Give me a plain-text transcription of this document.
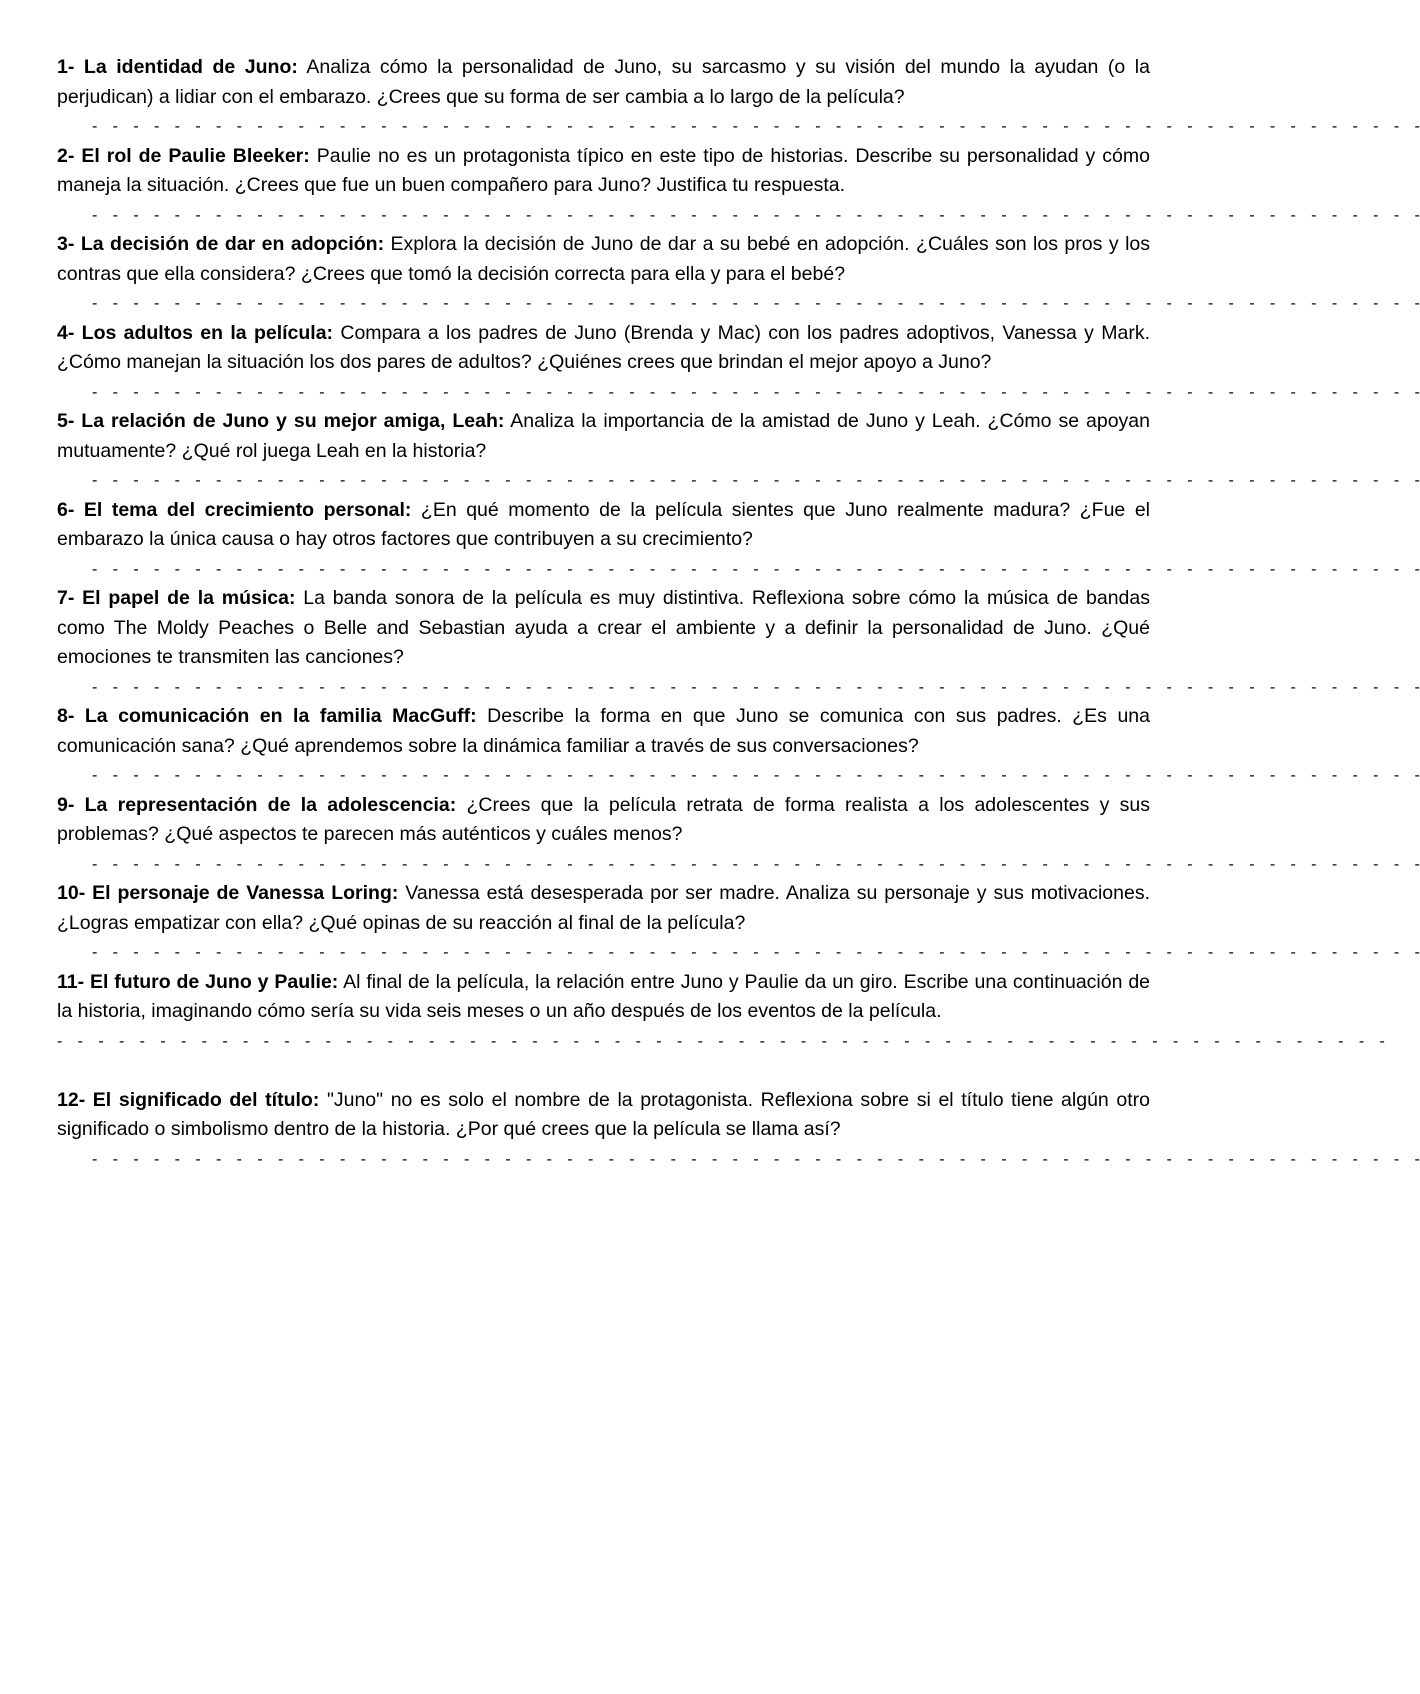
1- La identidad de Juno: Analiza cómo la personalidad de Juno, su sarcasmo y su visión del mundo la ayudan (o la perjudican) a lidiar con el embarazo. ¿Crees que su forma de ser cambia a lo largo de la película?
-   -   -   -   -   -   -   -   -   -   -   -   -   -   -   -   -   -   -   -   -   -   -   -   -   -   -   -   -   -   -   -   -   -   -   -   -   -   -   -   -   -   -   -   -   -   -   -   -   -   -   -   -   -   -   -   -   -   -   -   -   -   -   -   -
2- El rol de Paulie Bleeker: Paulie no es un protagonista típico en este tipo de historias. Describe su personalidad y cómo maneja la situación. ¿Crees que fue un buen compañero para Juno? Justifica tu respuesta.
-   -   -   -   -   -   -   -   -   -   -   -   -   -   -   -   -   -   -   -   -   -   -   -   -   -   -   -   -   -   -   -   -   -   -   -   -   -   -   -   -   -   -   -   -   -   -   -   -   -   -   -   -   -   -   -   -   -   -   -   -   -   -   -   -
3- La decisión de dar en adopción: Explora la decisión de Juno de dar a su bebé en adopción. ¿Cuáles son los pros y los contras que ella considera? ¿Crees que tomó la decisión correcta para ella y para el bebé?
-   -   -   -   -   -   -   -   -   -   -   -   -   -   -   -   -   -   -   -   -   -   -   -   -   -   -   -   -   -   -   -   -   -   -   -   -   -   -   -   -   -   -   -   -   -   -   -   -   -   -   -   -   -   -   -   -   -   -   -   -   -   -   -   -
4- Los adultos en la película: Compara a los padres de Juno (Brenda y Mac) con los padres adoptivos, Vanessa y Mark. ¿Cómo manejan la situación los dos pares de adultos? ¿Quiénes crees que brindan el mejor apoyo a Juno?
-   -   -   -   -   -   -   -   -   -   -   -   -   -   -   -   -   -   -   -   -   -   -   -   -   -   -   -   -   -   -   -   -   -   -   -   -   -   -   -   -   -   -   -   -   -   -   -   -   -   -   -   -   -   -   -   -   -   -   -   -   -   -   -   -
5- La relación de Juno y su mejor amiga, Leah: Analiza la importancia de la amistad de Juno y Leah. ¿Cómo se apoyan mutuamente? ¿Qué rol juega Leah en la historia?
-   -   -   -   -   -   -   -   -   -   -   -   -   -   -   -   -   -   -   -   -   -   -   -   -   -   -   -   -   -   -   -   -   -   -   -   -   -   -   -   -   -   -   -   -   -   -   -   -   -   -   -   -   -   -   -   -   -   -   -   -   -   -   -   -
6- El tema del crecimiento personal: ¿En qué momento de la película sientes que Juno realmente madura? ¿Fue el embarazo la única causa o hay otros factores que contribuyen a su crecimiento?
-   -   -   -   -   -   -   -   -   -   -   -   -   -   -   -   -   -   -   -   -   -   -   -   -   -   -   -   -   -   -   -   -   -   -   -   -   -   -   -   -   -   -   -   -   -   -   -   -   -   -   -   -   -   -   -   -   -   -   -   -   -   -   -   -
7- El papel de la música: La banda sonora de la película es muy distintiva. Reflexiona sobre cómo la música de bandas como The Moldy Peaches o Belle and Sebastian ayuda a crear el ambiente y a definir la personalidad de Juno. ¿Qué emociones te transmiten las canciones?
-   -   -   -   -   -   -   -   -   -   -   -   -   -   -   -   -   -   -   -   -   -   -   -   -   -   -   -   -   -   -   -   -   -   -   -   -   -   -   -   -   -   -   -   -   -   -   -   -   -   -   -   -   -   -   -   -   -   -   -   -   -   -   -   -
8- La comunicación en la familia MacGuff: Describe la forma en que Juno se comunica con sus padres. ¿Es una comunicación sana? ¿Qué aprendemos sobre la dinámica familiar a través de sus conversaciones?
-   -   -   -   -   -   -   -   -   -   -   -   -   -   -   -   -   -   -   -   -   -   -   -   -   -   -   -   -   -   -   -   -   -   -   -   -   -   -   -   -   -   -   -   -   -   -   -   -   -   -   -   -   -   -   -   -   -   -   -   -   -   -   -   -
9- La representación de la adolescencia: ¿Crees que la película retrata de forma realista a los adolescentes y sus problemas? ¿Qué aspectos te parecen más auténticos y cuáles menos?
-   -   -   -   -   -   -   -   -   -   -   -   -   -   -   -   -   -   -   -   -   -   -   -   -   -   -   -   -   -   -   -   -   -   -   -   -   -   -   -   -   -   -   -   -   -   -   -   -   -   -   -   -   -   -   -   -   -   -   -   -   -   -   -   -
10- El personaje de Vanessa Loring: Vanessa está desesperada por ser madre. Analiza su personaje y sus motivaciones. ¿Logras empatizar con ella? ¿Qué opinas de su reacción al final de la película?
-   -   -   -   -   -   -   -   -   -   -   -   -   -   -   -   -   -   -   -   -   -   -   -   -   -   -   -   -   -   -   -   -   -   -   -   -   -   -   -   -   -   -   -   -   -   -   -   -   -   -   -   -   -   -   -   -   -   -   -   -   -   -   -   -
11- El futuro de Juno y Paulie: Al final de la película, la relación entre Juno y Paulie da un giro. Escribe una continuación de la historia, imaginando cómo sería su vida seis meses o un año después de los eventos de la película.
-   -   -   -   -   -   -   -   -   -   -   -   -   -   -   -   -   -   -   -   -   -   -   -   -   -   -   -   -   -   -   -   -   -   -   -   -   -   -   -   -   -   -   -   -   -   -   -   -   -   -   -   -   -   -   -   -   -   -   -   -   -   -   -   -
12- El significado del título: "Juno" no es solo el nombre de la protagonista. Reflexiona sobre si el título tiene algún otro significado o simbolismo dentro de la historia. ¿Por qué crees que la película se llama así?
-   -   -   -   -   -   -   -   -   -   -   -   -   -   -   -   -   -   -   -   -   -   -   -   -   -   -   -   -   -   -   -   -   -   -   -   -   -   -   -   -   -   -   -   -   -   -   -   -   -   -   -   -   -   -   -   -   -   -   -   -   -   -   -   -
